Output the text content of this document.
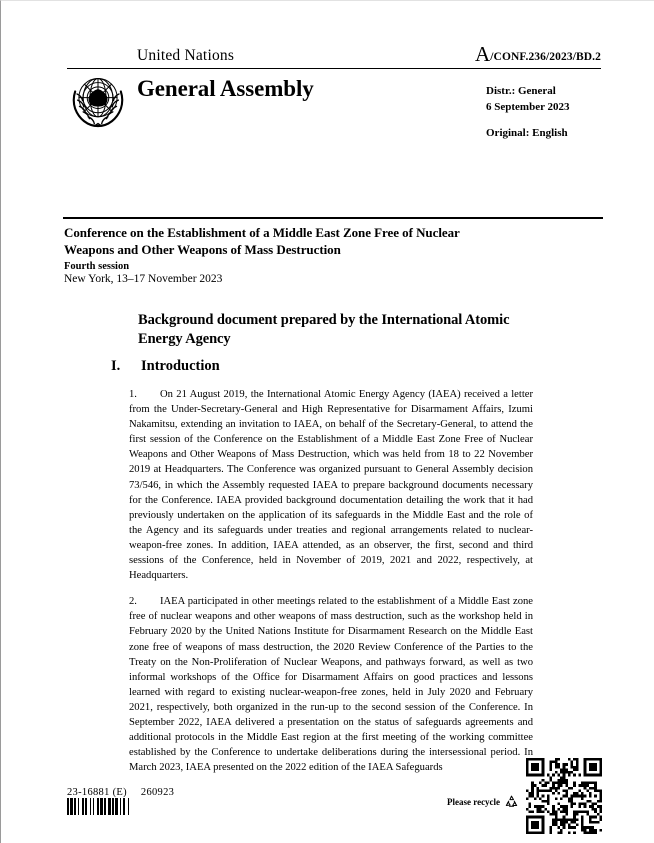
United Nations	A/CONF.236/2023/BD.2
General Assembly	Distr.: General
6 September 2023
Original: English
Conference on the Establishment of a Middle East Zone Free of Nuclear Weapons and Other Weapons of Mass Destruction
Fourth session
New York, 13–17 November 2023
Background document prepared by the International Atomic Energy Agency
I. Introduction

1. On 21 August 2019, the International Atomic Energy Agency (IAEA) received a letter from the Under-Secretary-General and High Representative for Disarmament Affairs, Izumi Nakamitsu, extending an invitation to IAEA, on behalf of the Secretary-General, to attend the first session of the Conference on the Establishment of a Middle East Zone Free of Nuclear Weapons and Other Weapons of Mass Destruction, which was held from 18 to 22 November 2019 at Headquarters. The Conference was organized pursuant to General Assembly decision 73/546, in which the Assembly requested IAEA to prepare background documents necessary for the Conference. IAEA provided background documentation detailing the work that it had previously undertaken on the application of its safeguards in the Middle East and the role of the Agency and its safeguards under treaties and regional arrangements related to nuclear-weapon-free zones. In addition, IAEA attended, as an observer, the first, second and third sessions of the Conference, held in November of 2019, 2021 and 2022, respectively, at Headquarters.

2. IAEA participated in other meetings related to the establishment of a Middle East zone free of nuclear weapons and other weapons of mass destruction, such as the workshop held in February 2020 by the United Nations Institute for Disarmament Research on the Middle East zone free of weapons of mass destruction, the 2020 Review Conference of the Parties to the Treaty on the Non-Proliferation of Nuclear Weapons, and pathways forward, as well as two informal workshops of the Office for Disarmament Affairs on good practices and lessons learned with regard to existing nuclear-weapon-free zones, held in July 2020 and February 2021, respectively, both organized in the run-up to the second session of the Conference. In September 2022, IAEA delivered a presentation on the status of safeguards agreements and additional protocols in the Middle East region at the first meeting of the working committee established by the Conference to undertake deliberations during the intersessional period. In March 2023, IAEA presented on the 2022 edition of the IAEA Safeguards

23-16881 (E) 260923
Please recycle
